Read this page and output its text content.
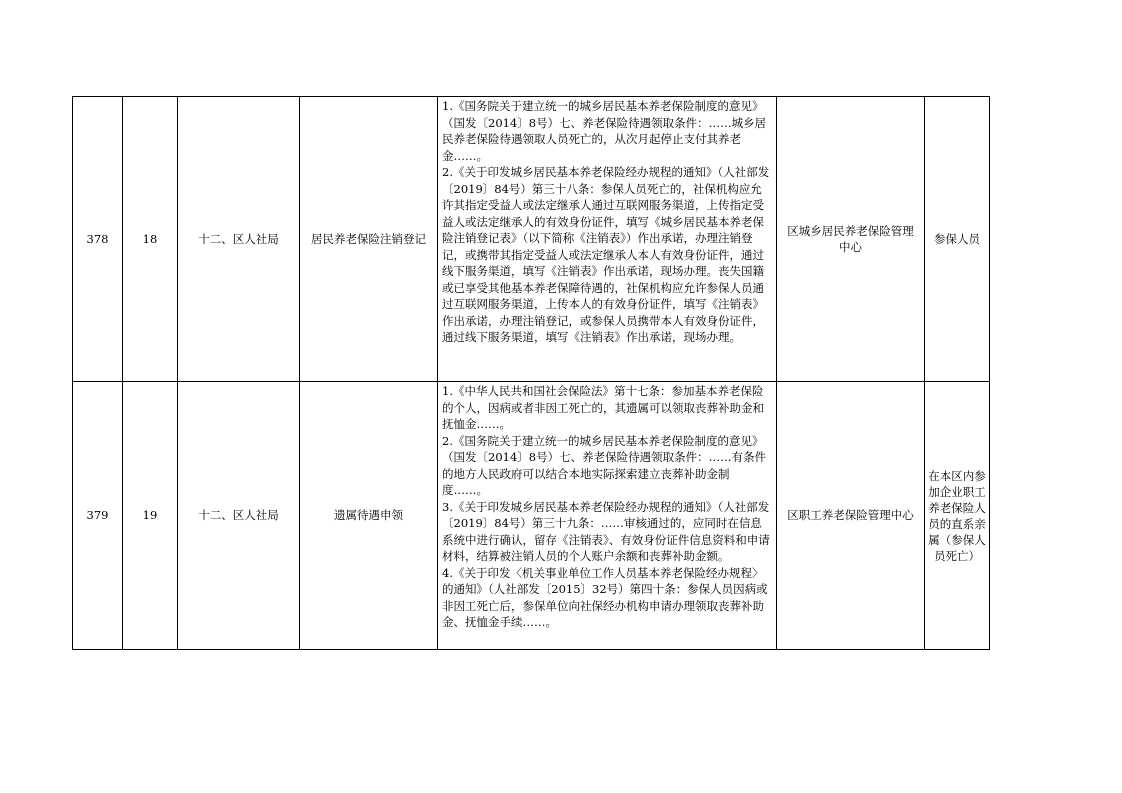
378	18	十二、区人社局	居民养老保险注销登记	1.《国务院关于建立统一的城乡居民基本养老保险制度的意见》（国发〔2014〕8号）七、养老保险待遇领取条件：……城乡居民养老保险待遇领取人员死亡的，从次月起停止支付其养老金……。

2.《关于印发城乡居民基本养老保险经办规程的通知》（人社部发〔2019〕84号）第三十八条：参保人员死亡的，社保机构应允许其指定受益人或法定继承人通过互联网服务渠道，上传指定受益人或法定继承人的有效身份证件，填写《城乡居民基本养老保险注销登记表》（以下简称《注销表》）作出承诺，办理注销登记，或携带其指定受益人或法定继承人本人有效身份证件，通过线下服务渠道，填写《注销表》作出承诺，现场办理。丧失国籍或已享受其他基本养老保障待遇的，社保机构应允许参保人员通过互联网服务渠道，上传本人的有效身份证件，填写《注销表》作出承诺，办理注销登记，或参保人员携带本人有效身份证件，通过线下服务渠道，填写《注销表》作出承诺，现场办理。	区城乡居民养老保险管理中心	参保人员
379	19	十二、区人社局	遗属待遇申领	1.《中华人民共和国社会保险法》第十七条：参加基本养老保险的个人，因病或者非因工死亡的，其遗属可以领取丧葬补助金和抚恤金……。

2.《国务院关于建立统一的城乡居民基本养老保险制度的意见》（国发〔2014〕8号）七、养老保险待遇领取条件：……有条件的地方人民政府可以结合本地实际探索建立丧葬补助金制度……。

3.《关于印发城乡居民基本养老保险经办规程的通知》（人社部发〔2019〕84号）第三十九条：……审核通过的，应同时在信息系统中进行确认，留存《注销表》、有效身份证件信息资料和申请材料，结算被注销人员的个人账户余额和丧葬补助金额。

4.《关于印发〈机关事业单位工作人员基本养老保险经办规程〉的通知》（人社部发〔2015〕32号）第四十条：参保人员因病或非因工死亡后，参保单位向社保经办机构申请办理领取丧葬补助金、抚恤金手续……。	区职工养老保险管理中心	在本区内参加企业职工养老保险人员的直系亲属（参保人员死亡）
